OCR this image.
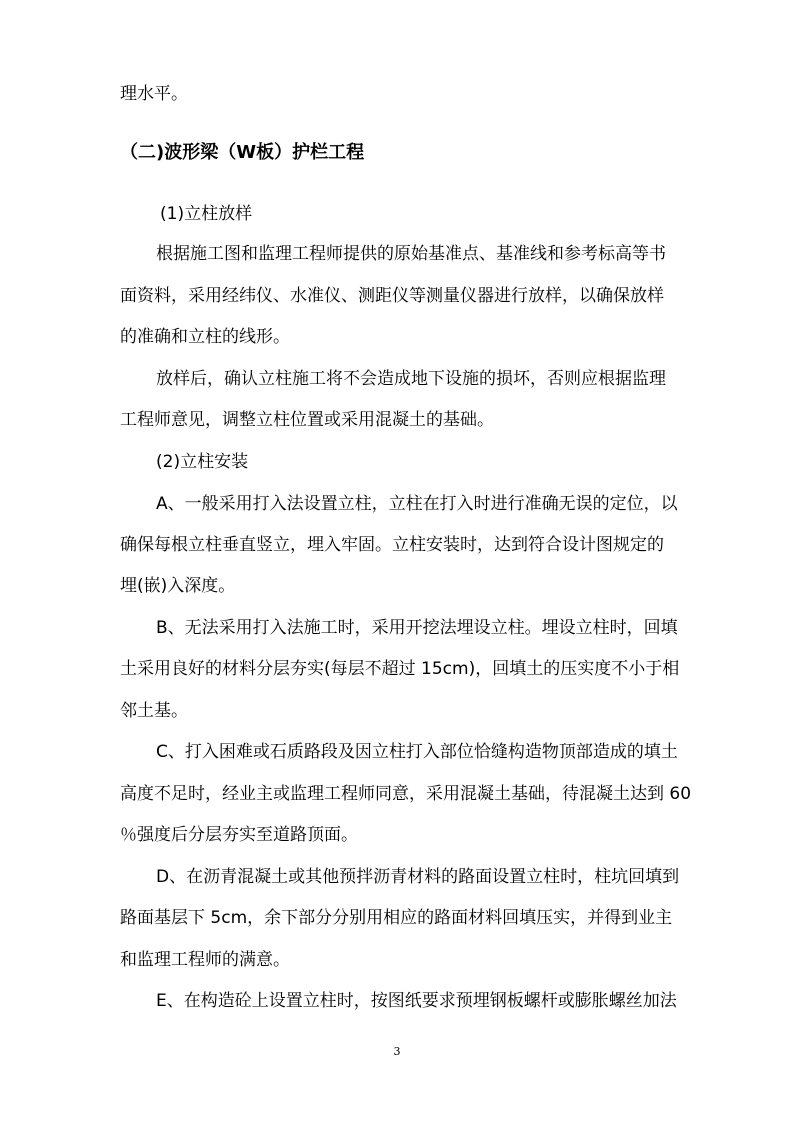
理水平。
（二)波形梁（W板）护栏工程
(1)立柱放样
根据施工图和监理工程师提供的原始基准点、基准线和参考标高等书
面资料，采用经纬仪、水准仪、测距仪等测量仪器进行放样，以确保放样
的准确和立柱的线形。
放样后，确认立柱施工将不会造成地下设施的损坏，否则应根据监理
工程师意见，调整立柱位置或采用混凝土的基础。
(2)立柱安装
A、一般采用打入法设置立柱，立柱在打入时进行准确无误的定位，以
确保每根立柱垂直竖立，埋入牢固。立柱安装时，达到符合设计图规定的
埋(嵌)入深度。
B、无法采用打入法施工时，采用开挖法埋设立柱。埋设立柱时，回填
土采用良好的材料分层夯实(每层不超过 15cm)，回填土的压实度不小于相
邻土基。
C、打入困难或石质路段及因立柱打入部位恰缝构造物顶部造成的填土
高度不足时，经业主或监理工程师同意，采用混凝土基础，待混凝土达到 60
％强度后分层夯实至道路顶面。
D、在沥青混凝土或其他预拌沥青材料的路面设置立柱时，柱坑回填到
路面基层下 5cm，余下部分分别用相应的路面材料回填压实，并得到业主
和监理工程师的满意。
E、在构造砼上设置立柱时，按图纸要求预埋钢板螺杆或膨胀螺丝加法
3
